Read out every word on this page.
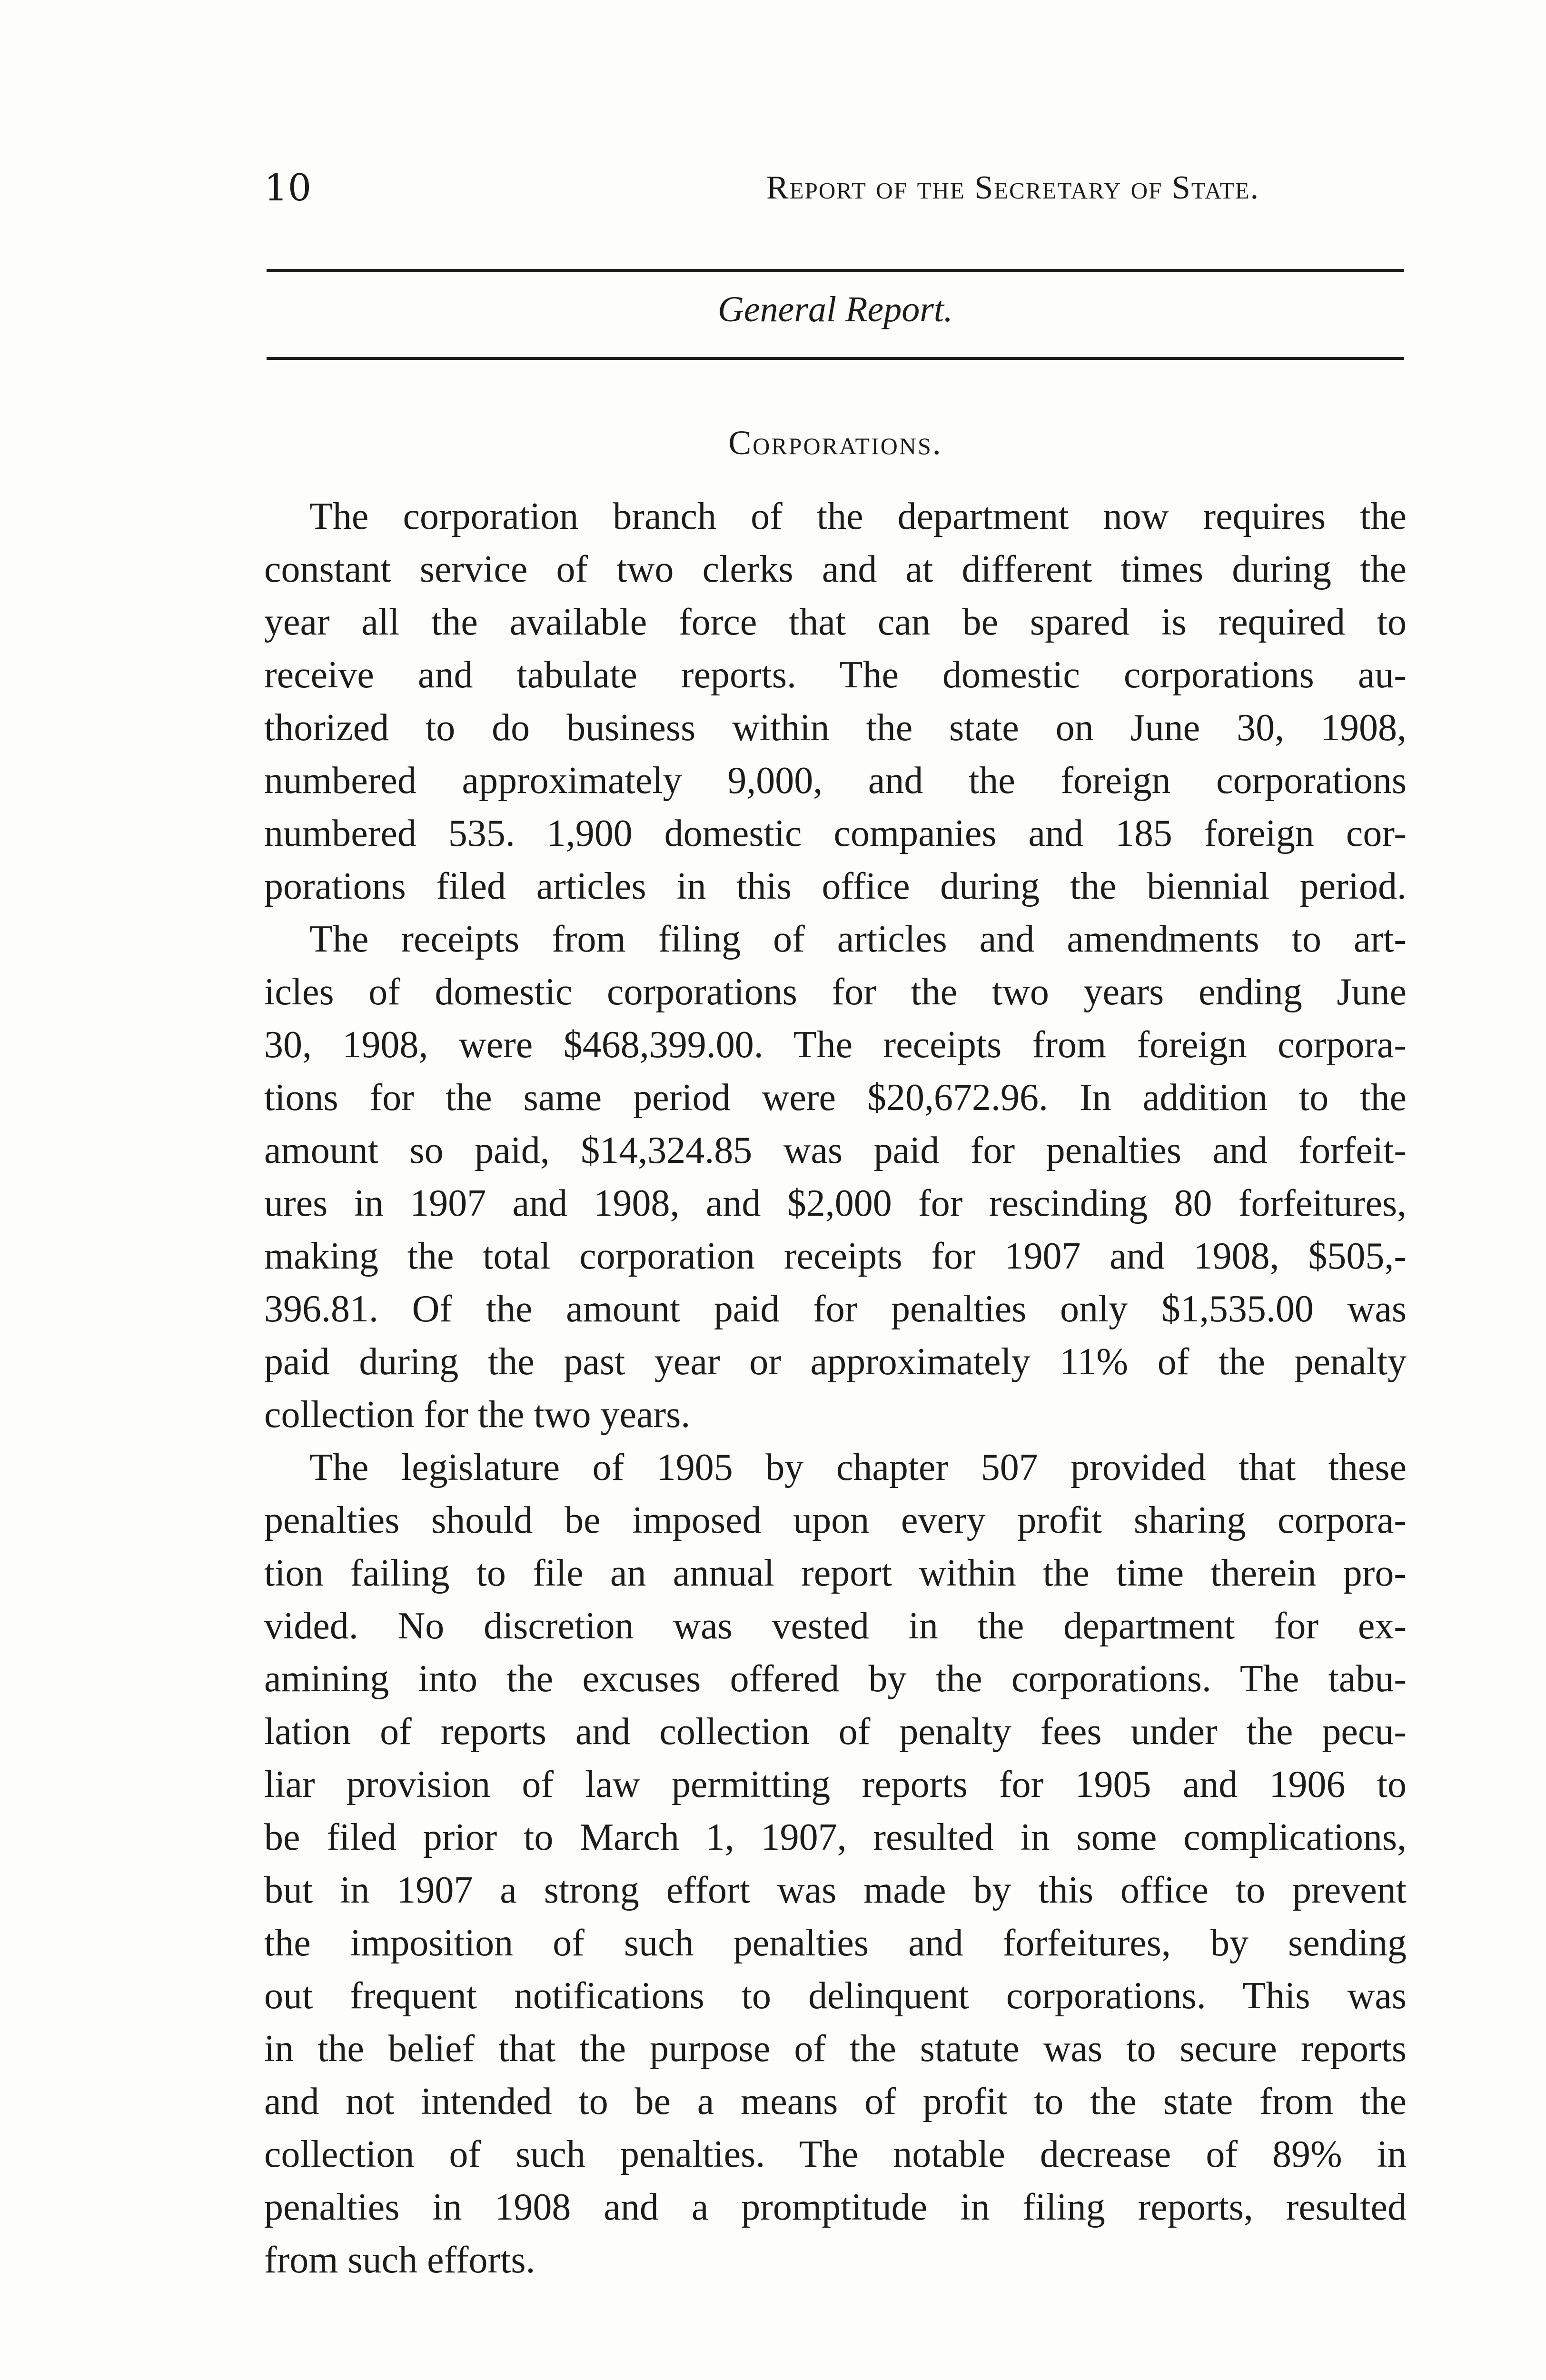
10	Report of the Secretary of State.
General Report.
Corporations.
The corporation branch of the department now requires the
constant service of two clerks and at different times during the
year all the available force that can be spared is required to
receive and tabulate reports. The domestic corporations au-
thorized to do business within the state on June 30, 1908,
numbered approximately 9,000, and the foreign corporations
numbered 535. 1,900 domestic companies and 185 foreign cor-
porations filed articles in this office during the biennial period.
The receipts from filing of articles and amendments to art-
icles of domestic corporations for the two years ending June
30, 1908, were $468,399.00. The receipts from foreign corpora-
tions for the same period were $20,672.96. In addition to the
amount so paid, $14,324.85 was paid for penalties and forfeit-
ures in 1907 and 1908, and $2,000 for rescinding 80 forfeitures,
making the total corporation receipts for 1907 and 1908, $505,-
396.81. Of the amount paid for penalties only $1,535.00 was
paid during the past year or approximately 11% of the penalty
collection for the two years.
The legislature of 1905 by chapter 507 provided that these
penalties should be imposed upon every profit sharing corpora-
tion failing to file an annual report within the time therein pro-
vided. No discretion was vested in the department for ex-
amining into the excuses offered by the corporations. The tabu-
lation of reports and collection of penalty fees under the pecu-
liar provision of law permitting reports for 1905 and 1906 to
be filed prior to March 1, 1907, resulted in some complications,
but in 1907 a strong effort was made by this office to prevent
the imposition of such penalties and forfeitures, by sending
out frequent notifications to delinquent corporations. This was
in the belief that the purpose of the statute was to secure reports
and not intended to be a means of profit to the state from the
collection of such penalties. The notable decrease of 89% in
penalties in 1908 and a promptitude in filing reports, resulted
from such efforts.
